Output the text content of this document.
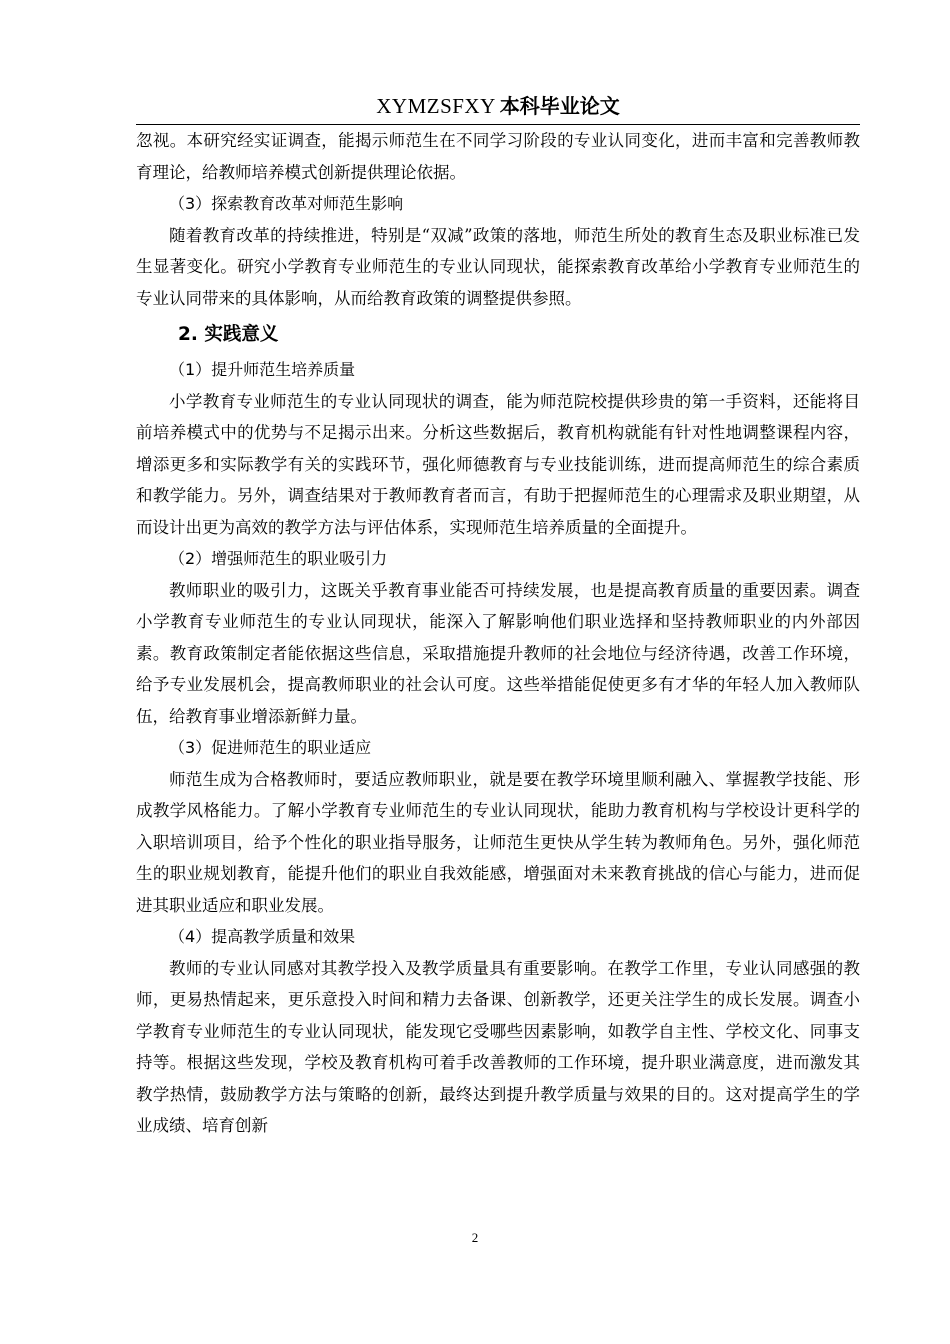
XYMZSFXY 本科毕业论文

忽视。本研究经实证调查，能揭示师范生在不同学习阶段的专业认同变化，进而丰富和完善教师教育理论，给教师培养模式创新提供理论依据。

（3）探索教育改革对师范生影响

随着教育改革的持续推进，特别是“双减”政策的落地，师范生所处的教育生态及职业标准已发生显著变化。研究小学教育专业师范生的专业认同现状，能探索教育改革给小学教育专业师范生的专业认同带来的具体影响，从而给教育政策的调整提供参照。

2. 实践意义

（1）提升师范生培养质量

小学教育专业师范生的专业认同现状的调查，能为师范院校提供珍贵的第一手资料，还能将目前培养模式中的优势与不足揭示出来。分析这些数据后，教育机构就能有针对性地调整课程内容，增添更多和实际教学有关的实践环节，强化师德教育与专业技能训练，进而提高师范生的综合素质和教学能力。另外，调查结果对于教师教育者而言，有助于把握师范生的心理需求及职业期望，从而设计出更为高效的教学方法与评估体系，实现师范生培养质量的全面提升。

（2）增强师范生的职业吸引力

教师职业的吸引力，这既关乎教育事业能否可持续发展，也是提高教育质量的重要因素。调查小学教育专业师范生的专业认同现状，能深入了解影响他们职业选择和坚持教师职业的内外部因素。教育政策制定者能依据这些信息，采取措施提升教师的社会地位与经济待遇，改善工作环境，给予专业发展机会，提高教师职业的社会认可度。这些举措能促使更多有才华的年轻人加入教师队伍，给教育事业增添新鲜力量。

（3）促进师范生的职业适应

师范生成为合格教师时，要适应教师职业，就是要在教学环境里顺利融入、掌握教学技能、形成教学风格能力。了解小学教育专业师范生的专业认同现状，能助力教育机构与学校设计更科学的入职培训项目，给予个性化的职业指导服务，让师范生更快从学生转为教师角色。另外，强化师范生的职业规划教育，能提升他们的职业自我效能感，增强面对未来教育挑战的信心与能力，进而促进其职业适应和职业发展。

（4）提高教学质量和效果

教师的专业认同感对其教学投入及教学质量具有重要影响。在教学工作里，专业认同感强的教师，更易热情起来，更乐意投入时间和精力去备课、创新教学，还更关注学生的成长发展。调查小学教育专业师范生的专业认同现状，能发现它受哪些因素影响，如教学自主性、学校文化、同事支持等。根据这些发现，学校及教育机构可着手改善教师的工作环境，提升职业满意度，进而激发其教学热情，鼓励教学方法与策略的创新，最终达到提升教学质量与效果的目的。这对提高学生的学业成绩、培育创新

2
